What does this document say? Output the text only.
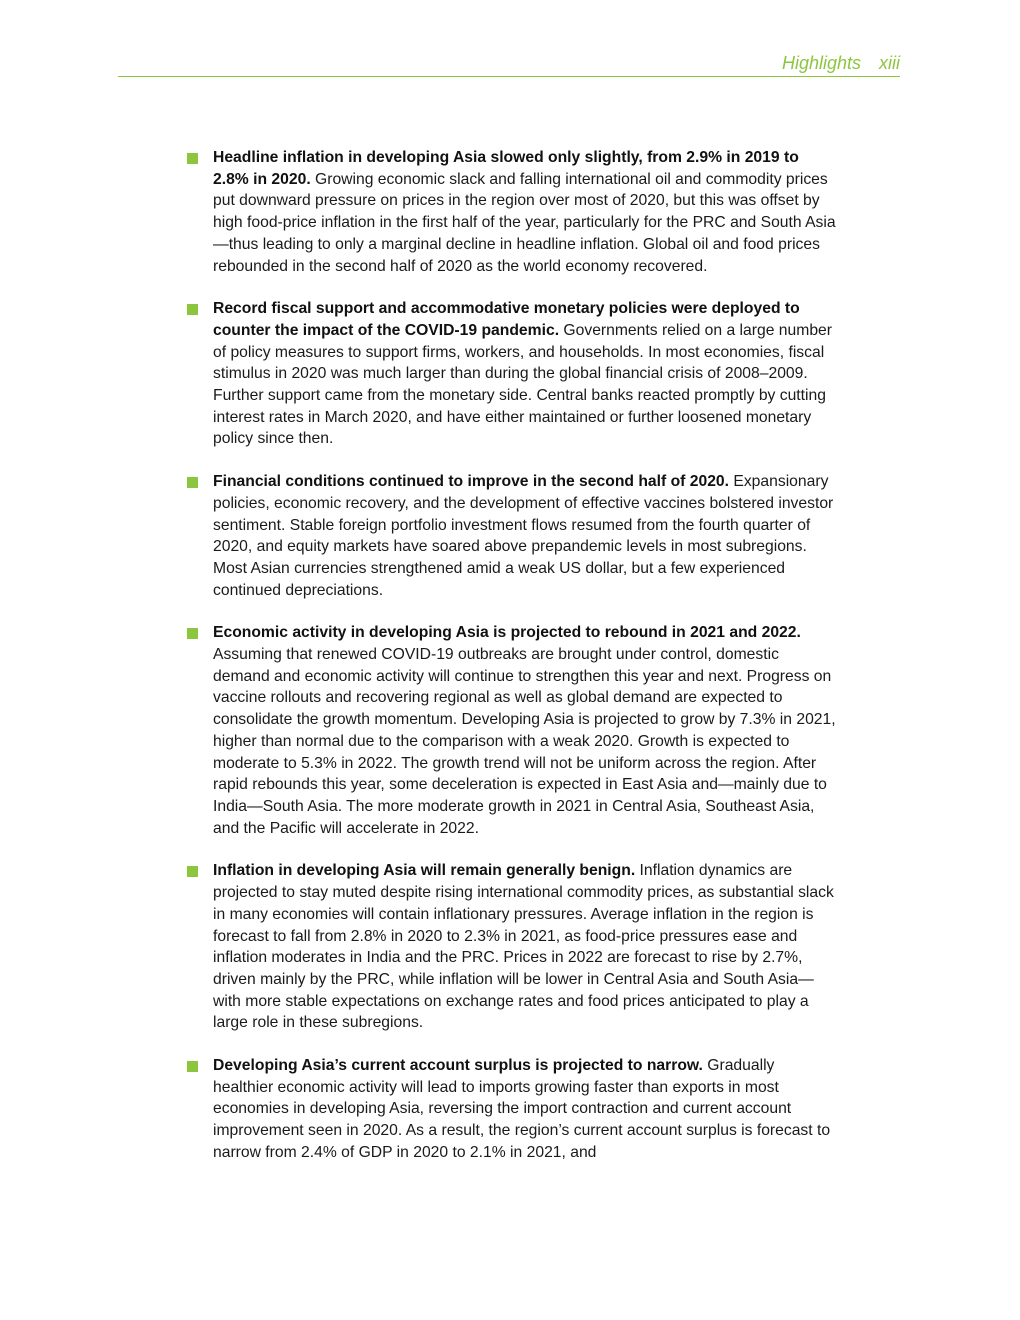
Highlights xiii
Headline inflation in developing Asia slowed only slightly, from 2.9% in 2019 to 2.8% in 2020. Growing economic slack and falling international oil and commodity prices put downward pressure on prices in the region over most of 2020, but this was offset by high food-price inflation in the first half of the year, particularly for the PRC and South Asia—thus leading to only a marginal decline in headline inflation. Global oil and food prices rebounded in the second half of 2020 as the world economy recovered.
Record fiscal support and accommodative monetary policies were deployed to counter the impact of the COVID-19 pandemic. Governments relied on a large number of policy measures to support firms, workers, and households. In most economies, fiscal stimulus in 2020 was much larger than during the global financial crisis of 2008–2009. Further support came from the monetary side. Central banks reacted promptly by cutting interest rates in March 2020, and have either maintained or further loosened monetary policy since then.
Financial conditions continued to improve in the second half of 2020. Expansionary policies, economic recovery, and the development of effective vaccines bolstered investor sentiment. Stable foreign portfolio investment flows resumed from the fourth quarter of 2020, and equity markets have soared above prepandemic levels in most subregions. Most Asian currencies strengthened amid a weak US dollar, but a few experienced continued depreciations.
Economic activity in developing Asia is projected to rebound in 2021 and 2022. Assuming that renewed COVID-19 outbreaks are brought under control, domestic demand and economic activity will continue to strengthen this year and next. Progress on vaccine rollouts and recovering regional as well as global demand are expected to consolidate the growth momentum. Developing Asia is projected to grow by 7.3% in 2021, higher than normal due to the comparison with a weak 2020. Growth is expected to moderate to 5.3% in 2022. The growth trend will not be uniform across the region. After rapid rebounds this year, some deceleration is expected in East Asia and—mainly due to India—South Asia. The more moderate growth in 2021 in Central Asia, Southeast Asia, and the Pacific will accelerate in 2022.
Inflation in developing Asia will remain generally benign. Inflation dynamics are projected to stay muted despite rising international commodity prices, as substantial slack in many economies will contain inflationary pressures. Average inflation in the region is forecast to fall from 2.8% in 2020 to 2.3% in 2021, as food-price pressures ease and inflation moderates in India and the PRC. Prices in 2022 are forecast to rise by 2.7%, driven mainly by the PRC, while inflation will be lower in Central Asia and South Asia—with more stable expectations on exchange rates and food prices anticipated to play a large role in these subregions.
Developing Asia’s current account surplus is projected to narrow. Gradually healthier economic activity will lead to imports growing faster than exports in most economies in developing Asia, reversing the import contraction and current account improvement seen in 2020. As a result, the region’s current account surplus is forecast to narrow from 2.4% of GDP in 2020 to 2.1% in 2021, and
